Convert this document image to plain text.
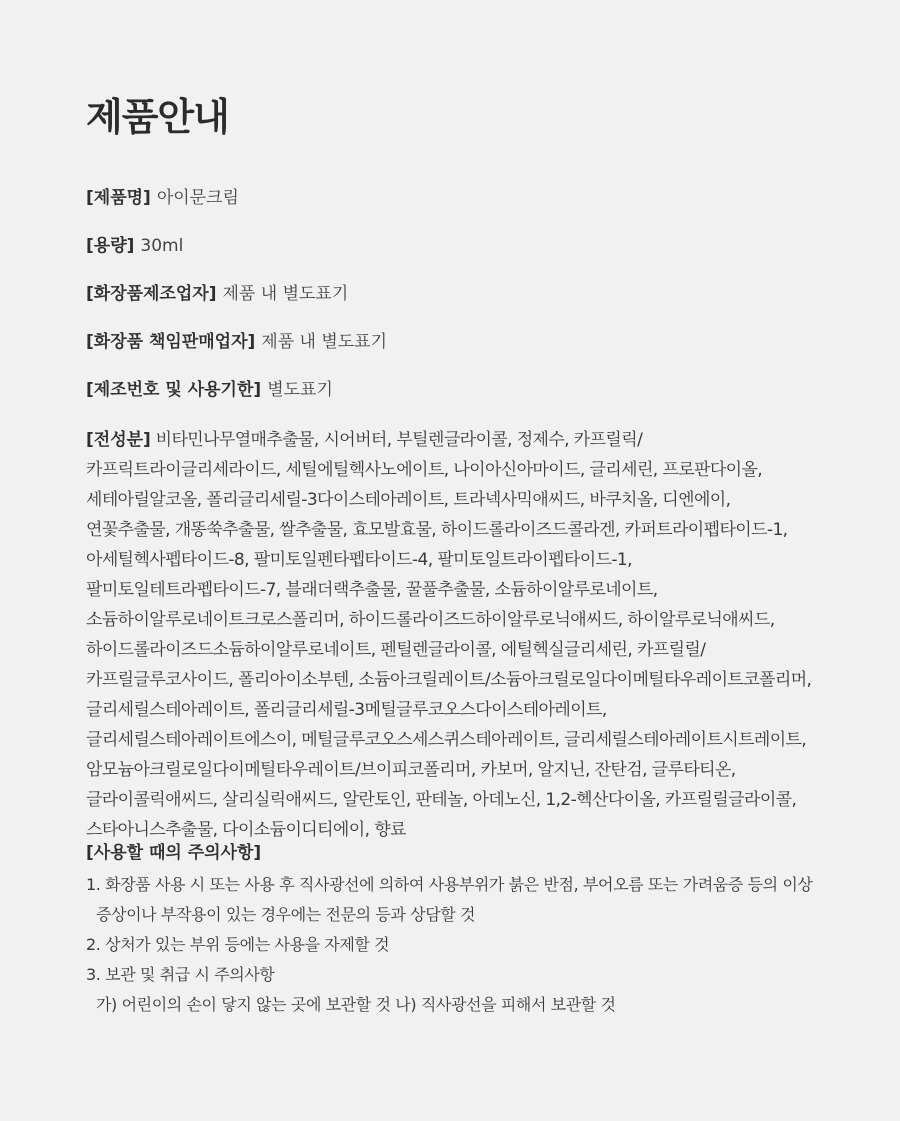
제품안내
[제품명] 아이문크림
[용량] 30ml
[화장품제조업자] 제품 내 별도표기
[화장품 책임판매업자] 제품 내 별도표기
[제조번호 및 사용기한] 별도표기
[전성분] 비타민나무열매추출물, 시어버터, 부틸렌글라이콜, 정제수, 카프릴릭/카프릭트라이글리세라이드, 세틸에틸헥사노에이트, 나이아신아마이드, 글리세린, 프로판다이올, 세테아릴알코올, 폴리글리세릴-3다이스테아레이트, 트라넥사믹애씨드, 바쿠치올, 디엔에이, 연꽃추출물, 개똥쑥추출물, 쌀추출물, 효모발효물, 하이드롤라이즈드콜라겐, 카퍼트라이펩타이드-1, 아세틸헥사펩타이드-8, 팔미토일펜타펩타이드-4, 팔미토일트라이펩타이드-1, 팔미토일테트라펩타이드-7, 블래더랙추출물, 꿀풀추출물, 소듐하이알루로네이트, 소듐하이알루로네이트크로스폴리머, 하이드롤라이즈드하이알루로닉애씨드, 하이알루로닉애씨드, 하이드롤라이즈드소듐하이알루로네이트, 펜틸렌글라이콜, 에틸헥실글리세린, 카프릴릴/카프릴글루코사이드, 폴리아이소부텐, 소듐아크릴레이트/소듐아크릴로일다이메틸타우레이트코폴리머, 글리세릴스테아레이트, 폴리글리세릴-3메틸글루코오스다이스테아레이트, 글리세릴스테아레이트에스이, 메틸글루코오스세스퀴스테아레이트, 글리세릴스테아레이트시트레이트, 암모늄아크릴로일다이메틸타우레이트/브이피코폴리머, 카보머, 알지닌, 잔탄검, 글루타티온, 글라이콜릭애씨드, 살리실릭애씨드, 알란토인, 판테놀, 아데노신, 1,2-헥산다이올, 카프릴릴글라이콜, 스타아니스추출물, 다이소듐이디티에이, 향료
[사용할 때의 주의사항]
1. 화장품 사용 시 또는 사용 후 직사광선에 의하여 사용부위가 붉은 반점, 부어오름 또는 가려움증 등의 이상
증상이나 부작용이 있는 경우에는 전문의 등과 상담할 것
2. 상처가 있는 부위 등에는 사용을 자제할 것
3. 보관 및 취급 시 주의사항
가) 어린이의 손이 닿지 않는 곳에 보관할 것 나) 직사광선을 피해서 보관할 것
